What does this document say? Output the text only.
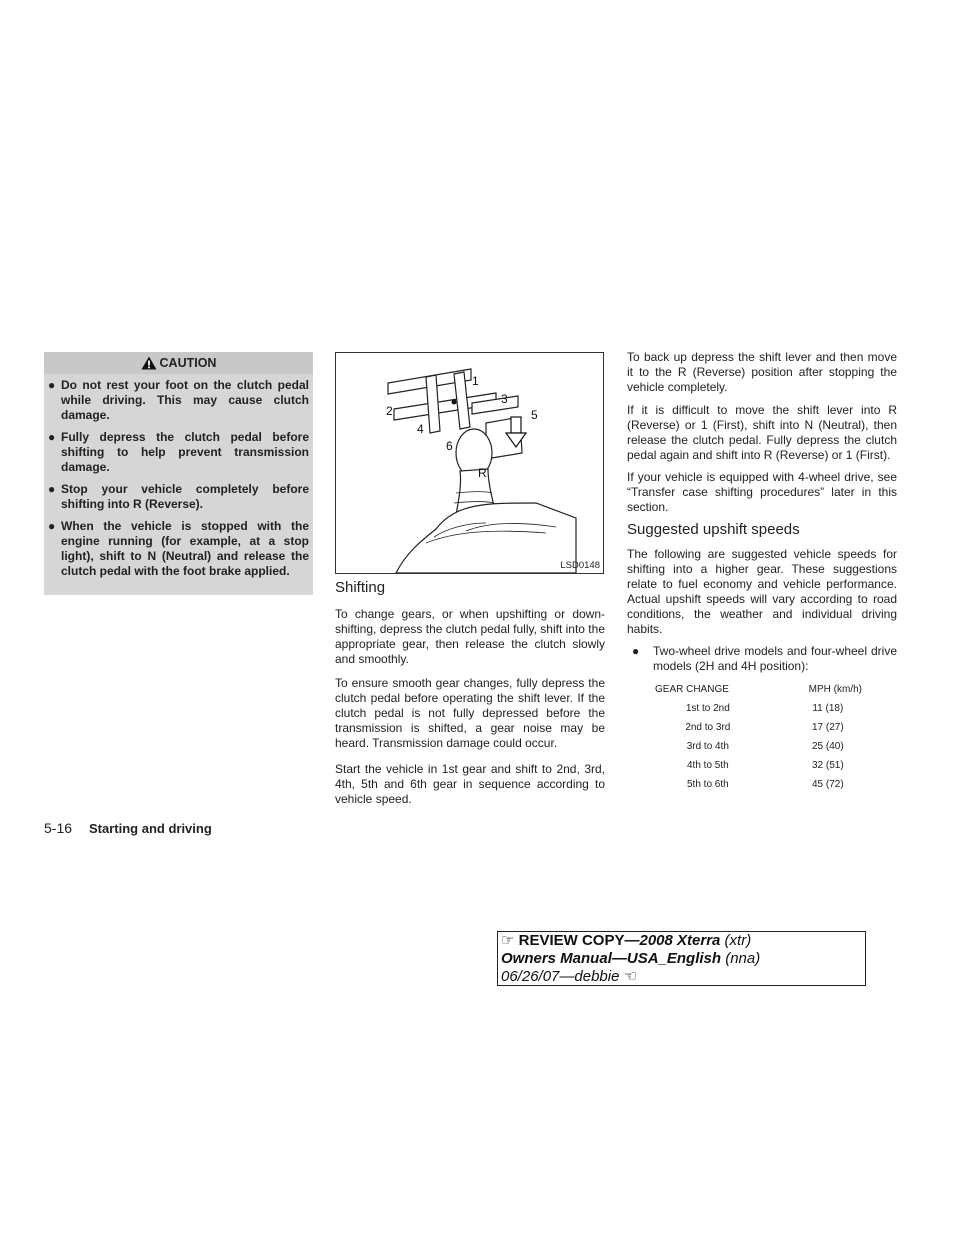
CAUTION
● Do not rest your foot on the clutch pedal while driving. This may cause clutch damage.
● Fully depress the clutch pedal before shifting to help prevent transmission damage.
● Stop your vehicle completely before shifting into R (Reverse).
● When the vehicle is stopped with the engine running (for example, at a stop light), shift to N (Neutral) and release the clutch pedal with the foot brake applied.
1
2
3
4
5
6
R
LSD0148
Shifting
To change gears, or when upshifting or down-shifting, depress the clutch pedal fully, shift into the appropriate gear, then release the clutch slowly and smoothly.
To ensure smooth gear changes, fully depress the clutch pedal before operating the shift lever. If the clutch pedal is not fully depressed before the transmission is shifted, a gear noise may be heard. Transmission damage could occur.
Start the vehicle in 1st gear and shift to 2nd, 3rd, 4th, 5th and 6th gear in sequence according to vehicle speed.
To back up depress the shift lever and then move it to the R (Reverse) position after stopping the vehicle completely.
If it is difficult to move the shift lever into R (Reverse) or 1 (First), shift into N (Neutral), then release the clutch pedal. Fully depress the clutch pedal again and shift into R (Reverse) or 1 (First).
If your vehicle is equipped with 4-wheel drive, see “Transfer case shifting procedures” later in this section.
Suggested upshift speeds
The following are suggested vehicle speeds for shifting into a higher gear. These suggestions relate to fuel economy and vehicle performance. Actual upshift speeds will vary according to road conditions, the weather and individual driving habits.
● Two-wheel drive models and four-wheel drive models (2H and 4H position):
GEAR CHANGE	MPH (km/h)
1st to 2nd	11 (18)
2nd to 3rd	17 (27)
3rd to 4th	25 (40)
4th to 5th	32 (51)
5th to 6th	45 (72)
5-16 Starting and driving
☞ REVIEW COPY—2008 Xterra (xtr)
Owners Manual—USA_English (nna)
06/26/07—debbie ☜
